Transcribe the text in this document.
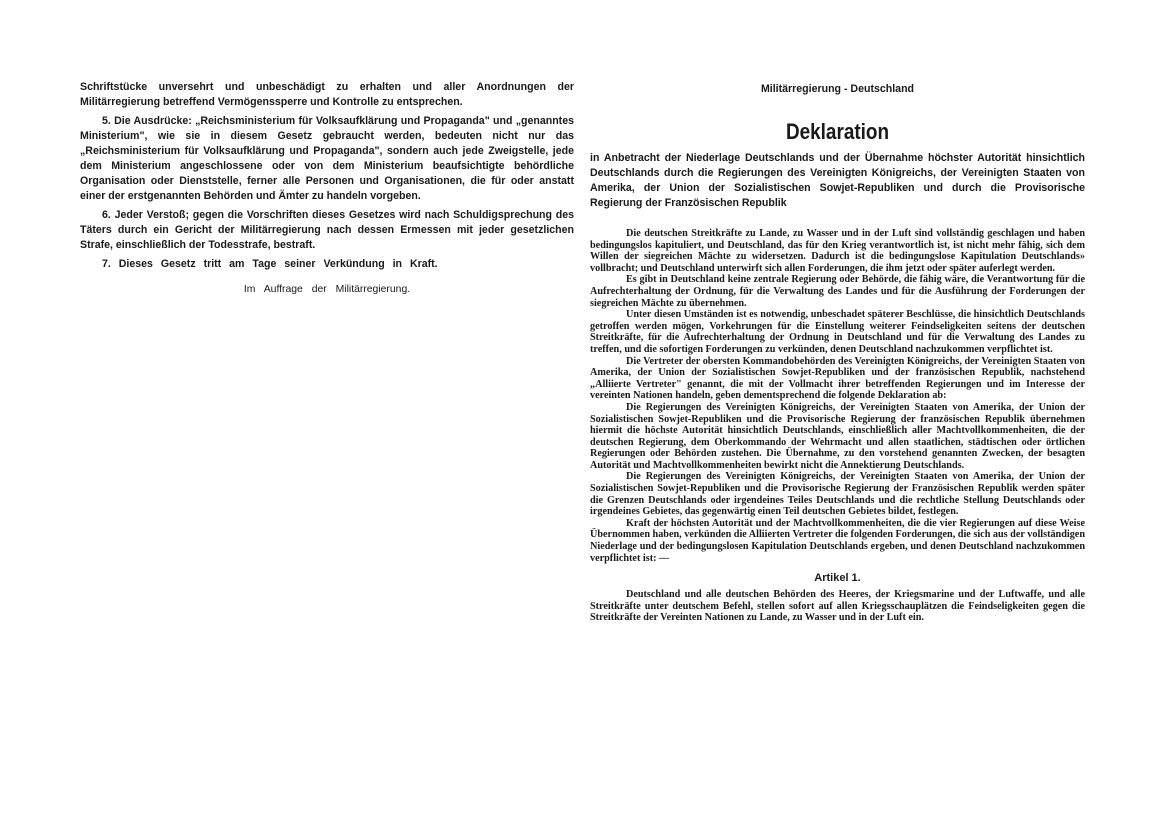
Schriftstücke unversehrt und unbeschädigt zu erhalten und aller Anordnungen der Militärregierung betreffend Vermögenssperre und Kontrolle zu entsprechen.

5. Die Ausdrücke: „Reichsministerium für Volksaufklärung und Propaganda" und „genanntes Ministerium", wie sie in diesem Gesetz gebraucht werden, bedeuten nicht nur das „Reichsministerium für Volksaufklärung und Propaganda", sondern auch jede Zweigstelle, jede dem Ministerium angeschlossene oder von dem Ministerium beaufsichtigte behördliche Organisation oder Dienststelle, ferner alle Personen und Organisationen, die für oder anstatt einer der erstgenannten Behörden und Ämter zu handeln vorgeben.

6. Jeder Verstoß; gegen die Vorschriften dieses Gesetzes wird nach Schuldigsprechung des Täters durch ein Gericht der Militärregierung nach dessen Ermessen mit jeder gesetzlichen Strafe, einschließlich der Todesstrafe, bestraft.

7. Dieses Gesetz tritt am Tage seiner Verkündung in Kraft.

Im Auffrage der Militärregierung.

Militärregierung - Deutschland

Deklaration

in Anbetracht der Niederlage Deutschlands und der Übernahme höchster Autorität hinsichtlich Deutschlands durch die Regierungen des Vereinigten Königreichs, der Vereinigten Staaten von Amerika, der Union der Sozialistischen Sowjet-Republiken und durch die Provisorische Regierung der Französischen Republik

Die deutschen Streitkräfte zu Lande, zu Wasser und in der Luft sind vollständig geschlagen und haben bedingungslos kapituliert, und Deutschland, das für den Krieg verantwortlich ist, ist nicht mehr fähig, sich dem Willen der siegreichen Mächte zu widersetzen. Dadurch ist die bedingungslose Kapitulation Deutschlands» vollbracht; und Deutschland unterwirft sich allen Forderungen, die ihm jetzt oder später auferlegt werden.

Es gibt in Deutschland keine zentrale Regierung oder Behörde, die fähig wäre, die Verantwortung für die Aufrechterhaltung der Ordnung, für die Verwaltung des Landes und für die Ausführung der Forderungen der siegreichen Mächte zu übernehmen.

Unter diesen Umständen ist es notwendig, unbeschadet späterer Beschlüsse, die hinsichtlich Deutschlands getroffen werden mögen, Vorkehrungen für die Einstellung weiterer Feindseligkeiten seitens der deutschen Streitkräfte, für die Aufrechterhaltung der Ordnung in Deutschland und für die Verwaltung des Landes zu treffen, und die sofortigen Forderungen zu verkünden, denen Deutschland nachzukommen verpflichtet ist.

Die Vertreter der obersten Kommandobehörden des Vereinigten Königreichs, der Vereinigten Staaten von Amerika, der Union der Sozialistischen Sowjet-Republiken und der französischen Republik, nachstehend „Alliierte Vertreter" genannt, die mit der Vollmacht ihrer betreffenden Regierungen und im Interesse der vereinten Nationen handeln, geben dementsprechend die folgende Deklaration ab:

Die Regierungen des Vereinigten Königreichs, der Vereinigten Staaten von Amerika, der Union der Sozialistischen Sowjet-Republiken und die Provisorische Regierung der französischen Republik übernehmen hiermit die höchste Autorität hinsichtlich Deutschlands, einschließlich aller Machtvollkommenheiten, die der deutschen Regierung, dem Oberkommando der Wehrmacht und allen staatlichen, städtischen oder örtlichen Regierungen oder Behörden zustehen. Die Übernahme, zu den vorstehend genannten Zwecken, der besagten Autorität und Machtvollkommenheiten bewirkt nicht die Annektierung Deutschlands.

Die Regierungen des Vereinigten Königreichs, der Vereinigten Staaten von Amerika, der Union der Sozialistischen Sowjet-Republiken und die Provisorische Regierung der Französischen Republik werden später die Grenzen Deutschlands oder irgendeines Teiles Deutschlands und die rechtliche Stellung Deutschlands oder irgendeines Gebietes, das gegenwärtig einen Teil deutschen Gebietes bildet, festlegen.

Kraft der höchsten Autorität und der Machtvollkommenheiten, die die vier Regierungen auf diese Weise Übernommen haben, verkünden die Alliierten Vertreter die folgenden Forderungen, die sich aus der vollständigen Niederlage und der bedingungslosen Kapitulation Deutschlands ergeben, und denen Deutschland nachzukommen verpflichtet ist: —

Artikel 1.

Deutschland und alle deutschen Behörden des Heeres, der Kriegsmarine und der Luftwaffe, und alle Streitkräfte unter deutschem Befehl, stellen sofort auf allen Kriegsschauplätzen die Feindseligkeiten gegen die Streitkräfte der Vereinten Nationen zu Lande, zu Wasser und in der Luft ein.
